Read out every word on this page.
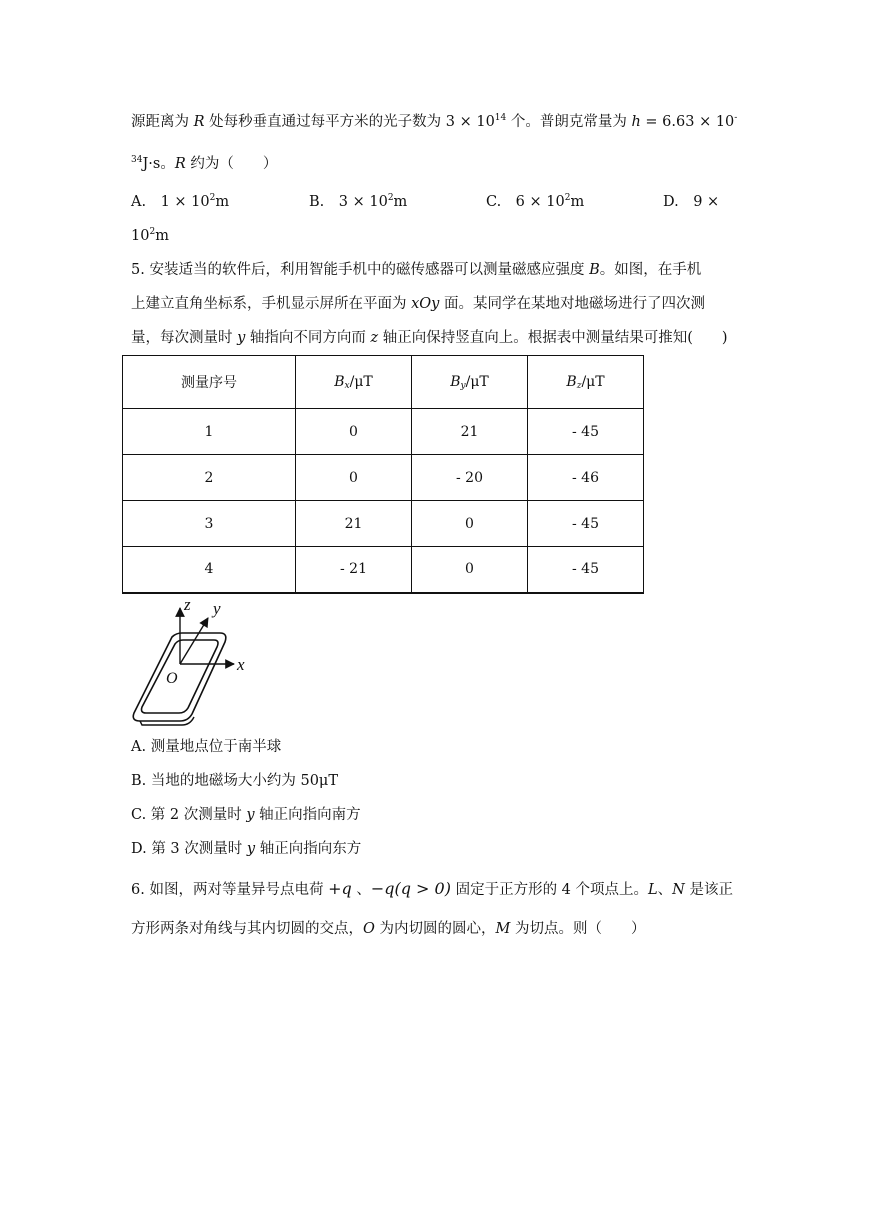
源距离为 R 处每秒垂直通过每平方米的光子数为 $3 \times 10^{14}$ 个。普朗克常量为 h = 6.63 × 10-
$^{34}$J·s。R 约为（　　）
A.　$1 \times 10^2m$	B.　$3 \times 10^2m$	C.　$6 \times 10^2m$	D.　9 ×
$10^2m$
5. 安装适当的软件后，利用智能手机中的磁传感器可以测量磁感应强度 B。如图，在手机
上建立直角坐标系，手机显示屏所在平面为 xOy 面。某同学在某地对地磁场进行了四次测
量，每次测量时 y 轴指向不同方向而 z 轴正向保持竖直向上。根据表中测量结果可推知(　　)
测量序号	$B_x/\mu T$	$B_y/\mu T$	$B_z/\mu T$
1	0	21	- 45
2	0	- 20	- 46
3	21	0	- 45
4	- 21	0	- 45
z y
x
O
A. 测量地点位于南半球
B. 当地的地磁场大小约为 50μT
C. 第 2 次测量时 y 轴正向指向南方
D. 第 3 次测量时 y 轴正向指向东方
6. 如图，两对等量异号点电荷 +q 、−q(q > 0) 固定于正方形的 4 个项点上。L、N 是该正
方形两条对角线与其内切圆的交点，O 为内切圆的圆心，M 为切点。则（　　）
